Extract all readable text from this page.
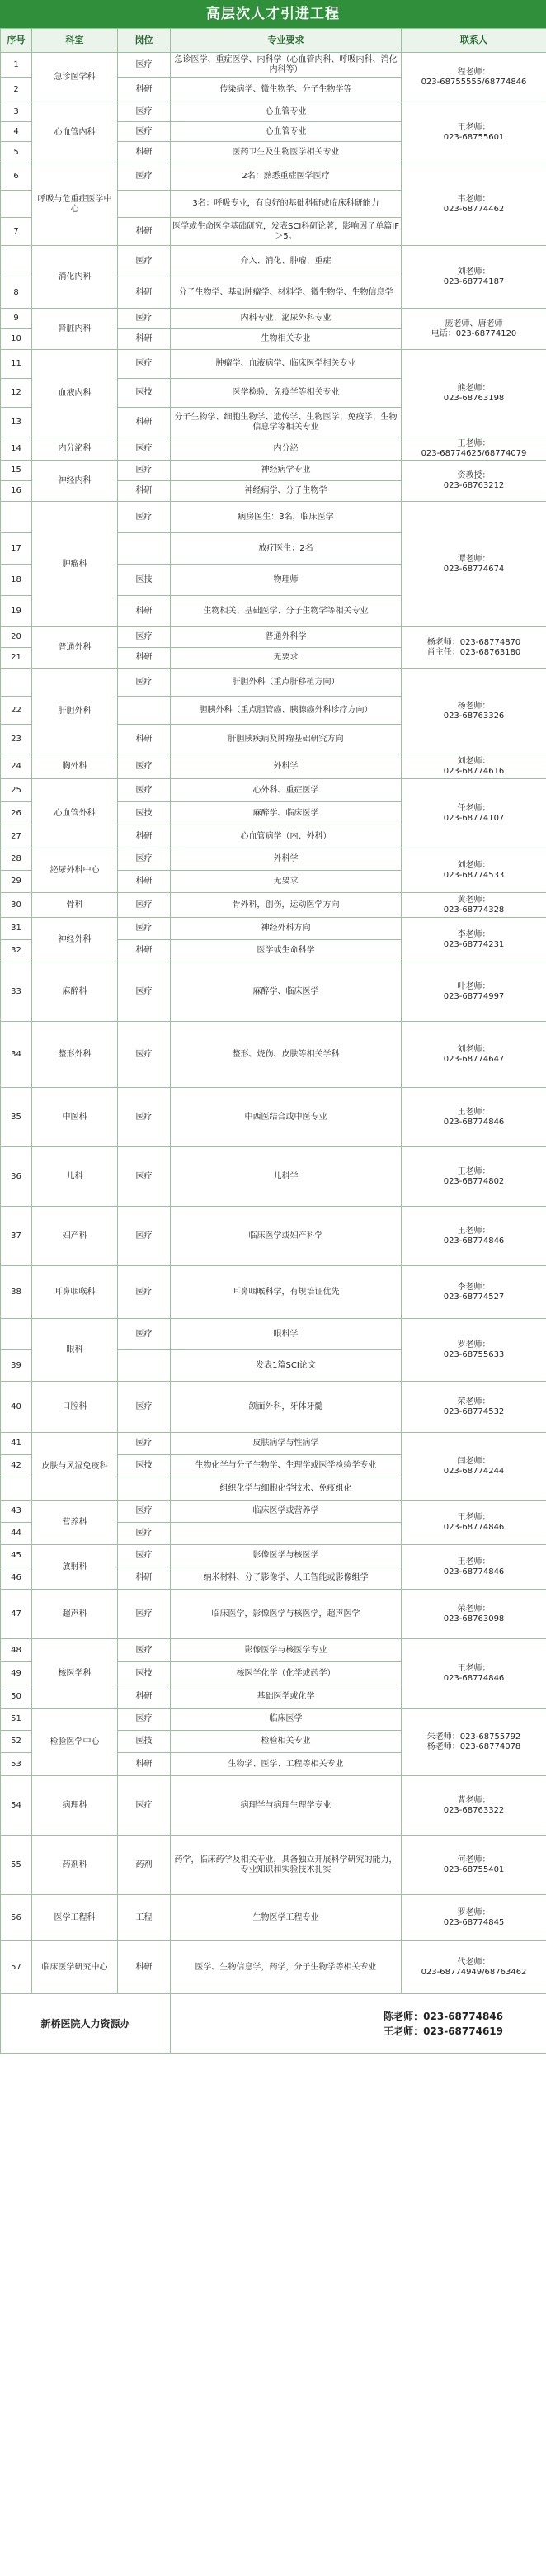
高层次人才引进工程
序号	科室	岗位	专业要求	联系人
1	急诊医学科	医疗	急诊医学、重症医学、内科学（心血管内科、呼吸内科、消化内科等）	程老师：
023-68755555/68774846
2		科研	传染病学、微生物学、分子生物学等	
3	心血管内科	医疗	心血管专业	王老师：
023-68755601
4		医疗	心血管专业	
5		科研	医药卫生及生物医学相关专业	
6	呼吸与危重症医学中心	医疗	2名：熟悉重症医学医疗	韦老师：
023-68774462
			3名：呼吸专业，有良好的基础科研或临床科研能力	
7		科研	医学或生命医学基础研究，发表SCI科研论著，影响因子单篇IF＞5。	
	消化内科	医疗	介入、消化、肿瘤、重症	刘老师：
023-68774187
8		科研	分子生物学、基础肿瘤学、材料学、微生物学、生物信息学	
9	肾脏内科	医疗	内科专业、泌尿外科专业	庞老师、唐老师
电话：023-68774120
10		科研	生物相关专业	
11	血液内科	医疗	肿瘤学、血液病学、临床医学相关专业	熊老师：
023-68763198
12		医技	医学检验、免疫学等相关专业	
13		科研	分子生物学、细胞生物学、遗传学、生物医学、免疫学、生物信息学等相关专业	
14	内分泌科	医疗	内分泌	王老师：
023-68774625/68774079
15	神经内科	医疗	神经病学专业	资教授：
023-68763212
16		科研	神经病学、分子生物学	
	肿瘤科	医疗	病房医生：3名，临床医学	谭老师：
023-68774674
17			放疗医生：2名	
18		医技	物理师	
19		科研	生物相关、基础医学、分子生物学等相关专业	
20	普通外科	医疗	普通外科学	杨老师：023-68774870
肖主任：023-68763180
21		科研	无要求	
	肝胆外科	医疗	肝胆外科（重点肝移植方向）	杨老师：
023-68763326
22			胆胰外科（重点胆管癌、胰腺癌外科诊疗方向）	
23		科研	肝胆胰疾病及肿瘤基础研究方向	
24	胸外科	医疗	外科学	刘老师：
023-68774616
25	心血管外科	医疗	心外科、重症医学	任老师：
023-68774107
26		医技	麻醉学、临床医学	
27		科研	心血管病学（内、外科）	
28	泌尿外科中心	医疗	外科学	刘老师：
023-68774533
29		科研	无要求	
30	骨科	医疗	骨外科，创伤，运动医学方向	黄老师：
023-68774328
31	神经外科	医疗	神经外科方向	李老师：
023-68774231
32		科研	医学或生命科学	
33	麻醉科	医疗	麻醉学、临床医学	叶老师：
023-68774997
34	整形外科	医疗	整形、烧伤、皮肤等相关学科	刘老师：
023-68774647
35	中医科	医疗	中西医结合或中医专业	王老师：
023-68774846
36	儿科	医疗	儿科学	王老师：
023-68774802
37	妇产科	医疗	临床医学或妇产科学	王老师：
023-68774846
38	耳鼻咽喉科	医疗	耳鼻咽喉科学，有规培证优先	李老师：
023-68774527
	眼科	医疗	眼科学	罗老师：
023-68755633
39			发表1篇SCI论文	
40	口腔科	医疗	颌面外科，牙体牙髓	荣老师：
023-68774532
41	皮肤与风湿免疫科	医疗	皮肤病学与性病学	闫老师：
023-68774244
42		医技	生物化学与分子生物学、生理学或医学检验学专业	
			组织化学与细胞化学技术、免疫组化	
43	营养科	医疗	临床医学或营养学	王老师：
023-68774846
44		医疗		
45	放射科	医疗	影像医学与核医学	王老师：
023-68774846
46		科研	纳米材料、分子影像学、人工智能或影像组学	
47	超声科	医疗	临床医学，影像医学与核医学，超声医学	荣老师：
023-68763098
48	核医学科	医疗	影像医学与核医学专业	王老师：
023-68774846
49		医技	核医学化学（化学或药学）	
50		科研	基础医学或化学	
51	检验医学中心	医疗	临床医学	朱老师：023-68755792
杨老师：023-68774078
52		医技	检验相关专业	
53		科研	生物学、医学、工程等相关专业	
54	病理科	医疗	病理学与病理生理学专业	曹老师：
023-68763322
55	药剂科	药剂	药学，临床药学及相关专业，具备独立开展科学研究的能力，专业知识和实验技术扎实	何老师：
023-68755401
56	医学工程科	工程	生物医学工程专业	罗老师：
023-68774845
57	临床医学研究中心	科研	医学、生物信息学，药学，分子生物学等相关专业	代老师：
023-68774949/68763462
新桥医院人力资源办			陈老师：023-68774846
王老师：023-68774619	
